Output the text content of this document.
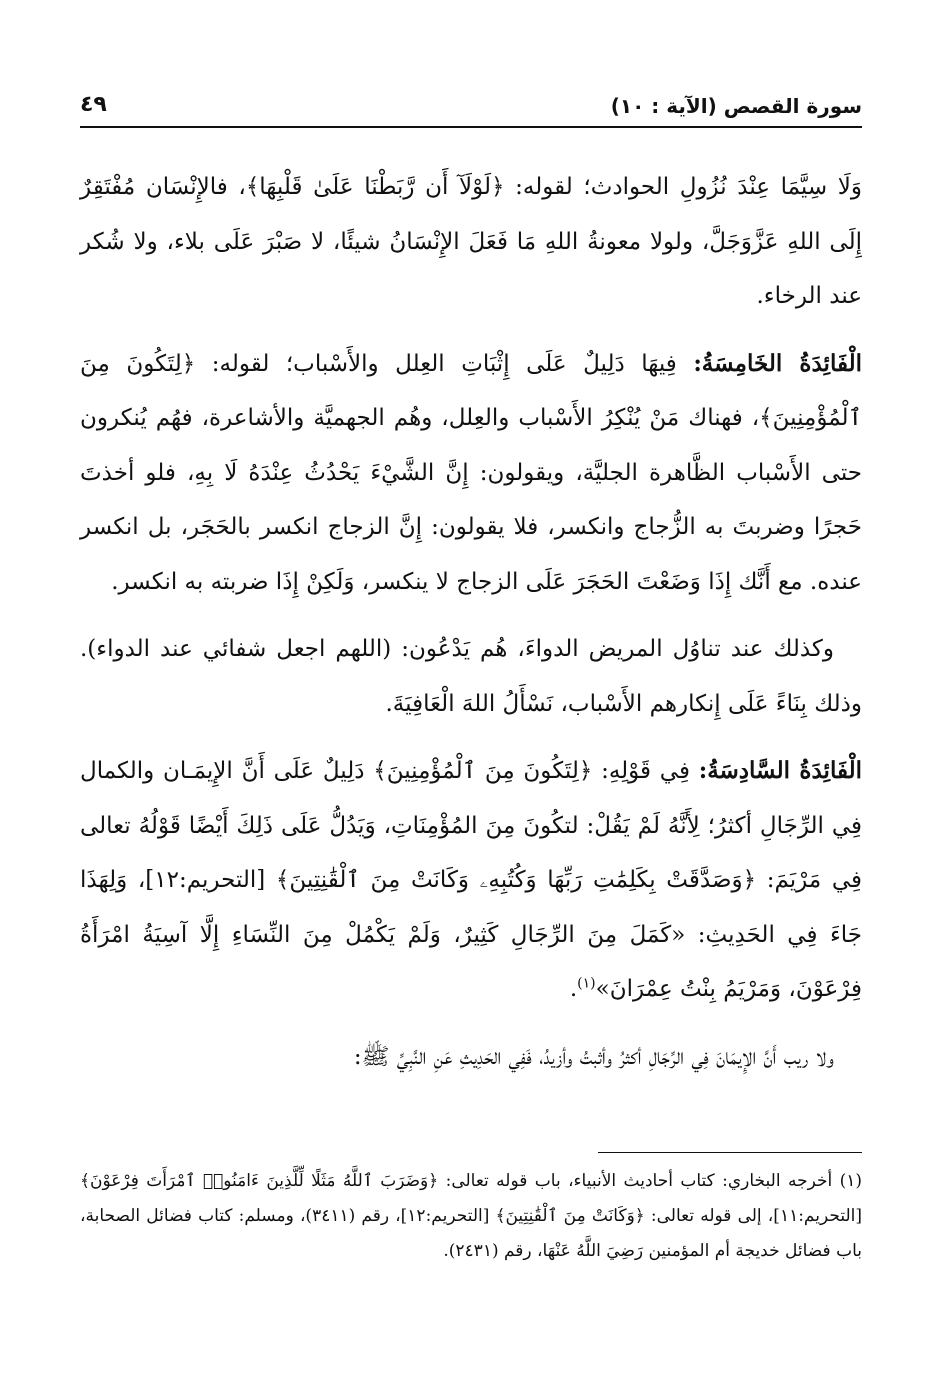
سورة القصص (الآية : ١٠)
٤٩

وَلَا سِيَّمَا عِنْدَ نُزُولِ الحوادث؛ لقوله: ﴿لَوْلَآ أَن رَّبَطْنَا عَلَىٰ قَلْبِهَا﴾، فالإِنْسَان مُفْتَقِرٌ إِلَى اللهِ عَزَّوَجَلَّ، ولولا معونةُ اللهِ مَا فَعَلَ الإِنْسَانُ شيئًا، لا صَبْرَ عَلَى بلاء، ولا شُكر عند الرخاء.

الْفَائِدَةُ الخَامِسَةُ: فِيهَا دَلِيلٌ عَلَى إِثْبَاتِ العِلل والأَسْباب؛ لقوله: ﴿لِتَكُونَ مِنَ ٱلْمُؤْمِنِينَ﴾، فهناك مَنْ يُنْكِرُ الأَسْباب والعِلل، وهُم الجهميَّة والأشاعرة، فهُم يُنكرون حتى الأَسْباب الظَّاهرة الجليَّة، ويقولون: إِنَّ الشَّيْءَ يَحْدُثُ عِنْدَهُ لَا بِهِ، فلو أخذتَ حَجرًا وضربتَ به الزُّجاج وانكسر، فلا يقولون: إِنَّ الزجاج انكسر بالحَجَر، بل انكسر عنده. مع أَنَّك إِذَا وَضَعْتَ الحَجَرَ عَلَى الزجاج لا ينكسر، وَلَكِنْ إِذَا ضربته به انكسر.

وكذلك عند تناوُل المريض الدواءَ، هُم يَدْعُون: (اللهم اجعل شفائي عند الدواء). وذلك بِنَاءً عَلَى إِنكارهم الأَسْباب، نَسْأَلُ اللهَ الْعَافِيَةَ.

الْفَائِدَةُ السَّادِسَةُ: فِي قَوْلِهِ: ﴿لِتَكُونَ مِنَ ٱلْمُؤْمِنِينَ﴾ دَلِيلٌ عَلَى أَنَّ الإِيمَـان والكمال فِي الرِّجَالِ أكثرُ؛ لِأَنَّهُ لَمْ يَقُلْ: لتكُونَ مِنَ المُؤْمِنَاتِ، وَيَدُلُّ عَلَى ذَلِكَ أَيْضًا قَوْلُهُ تعالى فِي مَرْيَمَ: ﴿وَصَدَّقَتْ بِكَلِمَٰتِ رَبِّهَا وَكُتُبِهِۦ وَكَانَتْ مِنَ ٱلْقَٰنِتِينَ﴾ [التحريم:١٢]، وَلِهَذَا جَاءَ فِي الحَدِيثِ: «كَمَلَ مِنَ الرِّجَالِ كَثِيرٌ، وَلَمْ يَكْمُلْ مِنَ النِّسَاءِ إِلَّا آسِيَةُ امْرَأَةُ فِرْعَوْنَ، وَمَرْيَمُ بِنْتُ عِمْرَانَ»$^{(١)}$.

ولا ريب أَنَّ الإِيمَانَ فِي الرِّجَالِ أكثرُ وأثبتُ وأزيدُ، فَفِي الحَدِيثِ عَنِ النَّبِيِّ ﷺ:

(١) أخرجه البخاري: كتاب أحاديث الأنبياء، باب قوله تعالى: ﴿وَضَرَبَ ٱللَّهُ مَثَلًا لِّلَّذِينَ ءَامَنُوا۟ ٱمْرَأَتَ فِرْعَوْنَ﴾ [التحريم:١١]، إلى قوله تعالى: ﴿وَكَانَتْ مِنَ ٱلْقَٰنِتِينَ﴾ [التحريم:١٢]، رقم (٣٤١١)، ومسلم: كتاب فضائل الصحابة، باب فضائل خديجة أم المؤمنين رَضِيَ اللَّهُ عَنْهَا، رقم (٢٤٣١).
